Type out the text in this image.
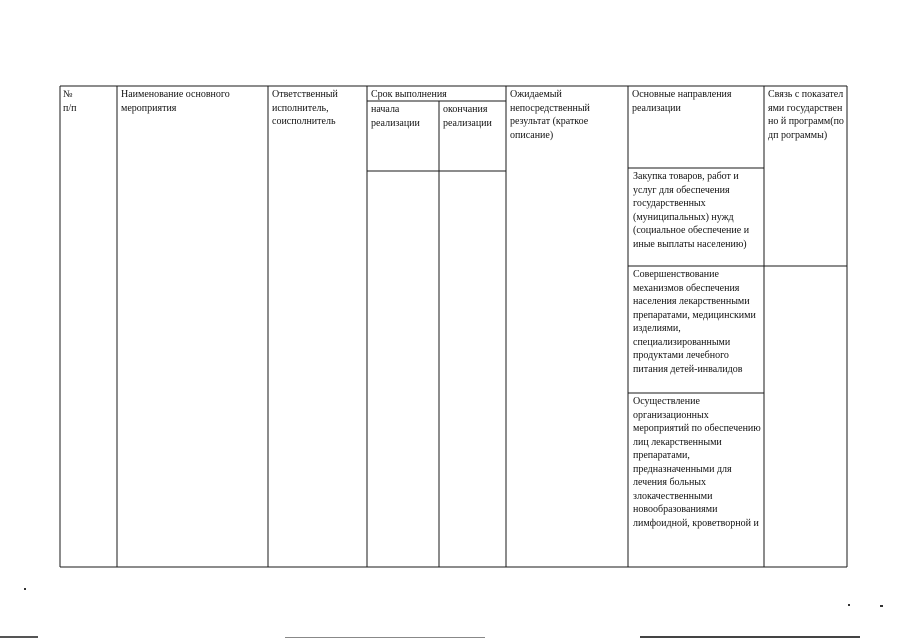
№
п/п
Наименование основного мероприятия
Ответственный исполнитель, соисполнитель
Срок выполнения
начала реализации
окончания реализации
Ожидаемый непосредственный результат (краткое описание)
Основные направления реализации
Связь с показателями государственно й программ(подп рограммы)
Закупка товаров, работ и услуг для обеспечения государственных (муниципальных) нужд (социальное обеспечение и иные выплаты населению)
Совершенствование механизмов обеспечения населения лекарственными препаратами, медицинскими изделиями, специализированными продуктами лечебного питания детей-инвалидов
Осуществление организационных мероприятий по обеспечению лиц лекарственными препаратами, предназначенными для лечения больных злокачественными новообразованиями лимфоидной, кроветворной и
